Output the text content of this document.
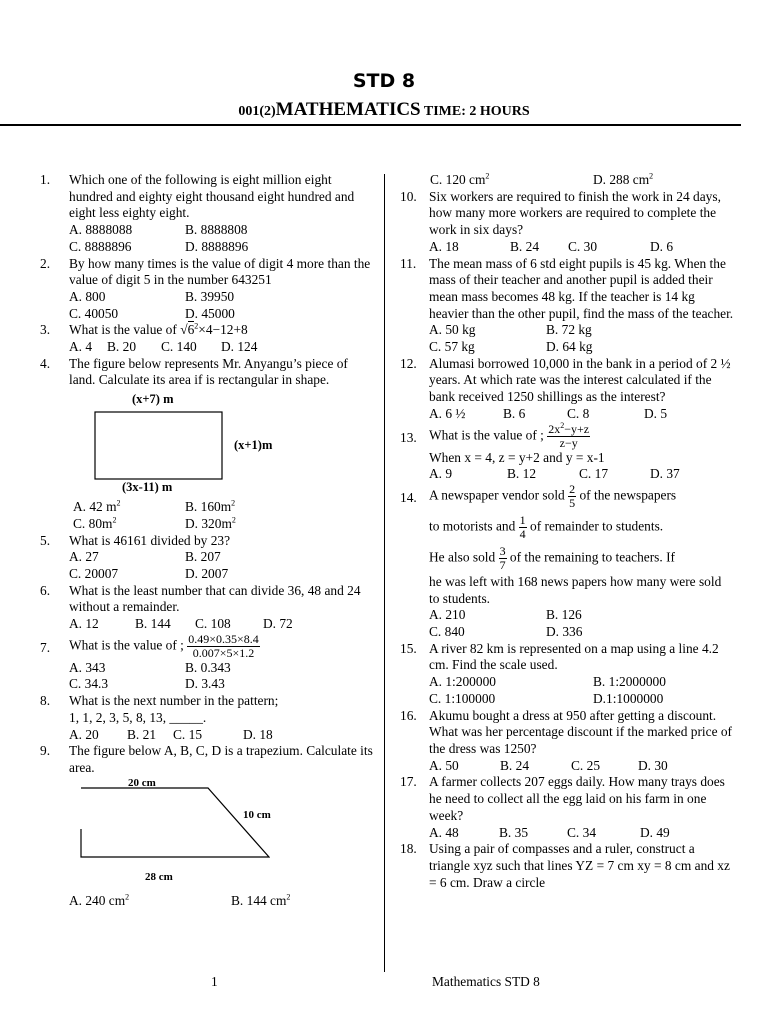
STD 8
001(2)MATHEMATICS TIME: 2 HOURS
1.	Which one of the following is eight million eight hundred and eighty eight thousand eight hundred and eight less eighty eight.
A. 8888088	B. 8888808
C. 8888896	D. 8888896
2.	By how many times is the value of digit 4 more than the value of digit 5 in the number 643251
A. 800	B. 39950
C. 40050	D. 45000
3.	What is the value of $√6^2\times 4-12+8$
A. 4	B. 20	C. 140	D. 124
4.	The figure below represents Mr. Anyangu’s piece of land. Calculate its area if is rectangular in shape.
(x+7) m
(x+1)m
(3x-11) m
A. 42 $m^2$	B. $160m^2$
C. $80m^2$	D. $320m^2$
5.	What is 46161 divided by 23?
A. 27	B. 207
C. 20007	D. 2007
6.	What is the least number that can divide 36, 48 and 24 without a remainder.
A. 12	B. 144	C. 108	D. 72
7.	What is the value of ; $\frac{0.49\times 0.35\times 8.4}{0.007\times 5\times 1.2}$
A. 343	B. 0.343
C. 34.3	D. 3.43
8.	What is the next number in the pattern;
1, 1, 2, 3, 5, 8, 13, _____.
A. 20	B. 21	C. 15	D. 18
9.	The figure below A, B, C, D is a trapezium. Calculate its area.
20 cm
10 cm
28 cm
A. 240 $cm^2$	B. 144 $cm^2$
C. 120 $cm^2$	D. 288 $cm^2$
10. Six workers are required to finish the work in 24 days, how many more workers are required to complete the work in six days?
A. 18	B. 24	C. 30	D. 6
11. The mean mass of 6 std eight pupils is 45 kg. When the mass of their teacher and another pupil is added their mean mass becomes 48 kg. If the teacher is 14 kg heavier than the other pupil, find the mass of the teacher.
A. 50 kg	B. 72 kg
C. 57 kg	D. 64 kg
12. Alumasi borrowed 10,000 in the bank in a period of 2 ½ years. At which rate was the interest calculated if the bank received 1250 shillings as the interest?
A. 6 ½	B. 6	C. 8	D. 5
13. What is the value of ; $\frac{2x^2-y+z}{z-y}$
When x = 4, z = y+2 and y = x-1
A. 9	B. 12	C. 17	D. 37
14. A newspaper vendor sold $\frac{2}{5}$ of the newspapers
to motorists and $\frac{1}{4}$ of remainder to students.
He also sold $\frac{3}{7}$ of the remaining to teachers. If
he was left with 168 news papers how many were sold to students.
A. 210	B. 126
C. 840	D. 336
15. A river 82 km is represented on a map using a line 4.2 cm. Find the scale used.
A. 1:200000	B. 1:2000000
C. 1:100000	D.1:1000000
16. Akumu bought a dress at 950 after getting a discount. What was her percentage discount if the marked price of the dress was 1250?
A. 50	B. 24	C. 25	D. 30
17. A farmer collects 207 eggs daily. How many trays does he need to collect all the egg laid on his farm in one week?
A. 48	B. 35	C. 34	D. 49
18. Using a pair of compasses and a ruler, construct a triangle xyz such that lines YZ = 7 cm xy = 8 cm and xz = 6 cm. Draw a circle
1	Mathematics STD 8
